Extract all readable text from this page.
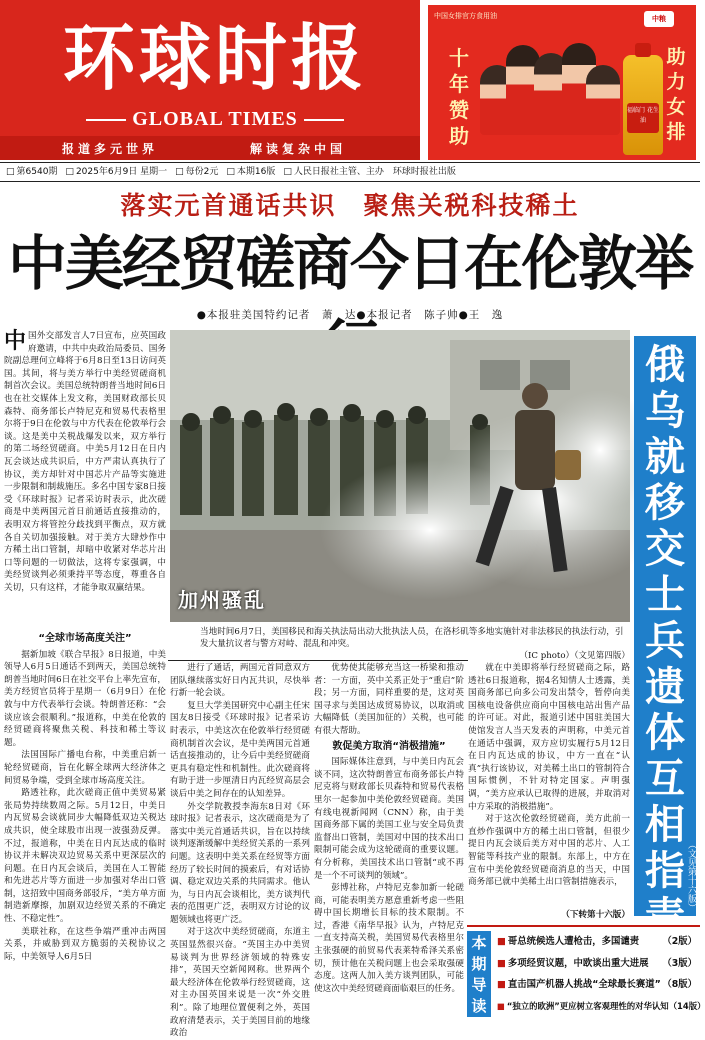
环球时报
GLOBAL TIMES
报道多元世界	解读复杂中国
中国女排官方食用油	中粮
十年赞助
福临门 花生油
助力女排
□ 第6540期	□ 2025年6月9日 星期一	□ 每份2元	□ 本期16版	□ 人民日报社主管、主办　环球时报社出版
落实元首通话共识　聚焦关税科技稀土
中美经贸磋商今日在伦敦举
●本报驻美国特约记者　萧　达●本报记者　陈子帅●王　逸
中 国外交部发言人7日宣布，应英国政府邀请，中共中央政治局委员、国务院副总理何立峰将于6月8日至13日访问英国。其间，将与美方举行中美经贸磋商机制首次会议。美国总统特朗普当地时间6日也在社交媒体上发文称，美国财政部长贝森特、商务部长卢特尼克和贸易代表格里尔将于9日在伦敦与中方代表在伦敦举行会谈。这是美中关税战爆发以来，双方举行的第二场经贸磋商。中美5月12日在日内瓦会谈达成共识后，中方严肃认真执行了协议，美方却针对中国芯片产品等实施进一步限制和制裁施压。多名中国专家8日接受《环球时报》记者采访时表示，此次磋商是中美两国元首日前通话直接推动的，表明双方将管控分歧找到平衡点，双方就各自关切加强接触。对于美方大肆炒作中方稀土出口管制，却暗中收紧对华芯片出口等问题的一切做法，这将专家强调，中美经贸谈判必须秉持平等态度，尊重各自关切，只有这样，才能争取双赢结果。
加州骚乱
当地时间6月7日，美国移民和海关执法局出动大批执法人员，在洛杉矶等多地实施针对非法移民的执法行动，引发大量抗议者与警方对峙、混乱和冲突。
（IC photo）（文见第四版）
俄乌就移交士兵遗体互相指责
（文见第十六版）
“全球市场高度关注”

据新加坡《联合早报》8日报道，中美领导人6月5日通话不到两天，美国总统特朗普当地时间6日在社交平台上率先宣布，美方经贸官员将于星期一（6月9日）在伦敦与中方代表举行会谈。特朗普还称：“会谈应该会很顺利。”报道称，中美在伦敦的经贸磋商将聚焦关税、科技和稀土等议题。

法国国际广播电台称，中美重启新一轮经贸磋商，旨在化解全球两大经济体之间贸易争端，受到全球市场高度关注。

路透社称，此次磋商正值中美贸易紧张局势持续数周之际。5月12日，中美日内瓦贸易会谈就同步大幅降低双边关税达成共识，使全球股市出现一波强劲反弹。不过，报道称，中美在日内瓦达成的临时协议并未解决双边贸易关系中更深层次的问题。在日内瓦会谈后，美国在人工智能和先进芯片等方面进一步加强对华出口管制，这招致中国商务部驳斥，“美方单方面制造新摩擦，加剧双边经贸关系的不确定性、不稳定性”。

美联社称，在这些争端严重冲击两国关系，并威胁到双方脆弱的关税协议之际，中美领导人6月5日

进行了通话，两国元首同意双方团队继续落实好日内瓦共识，尽快举行新一轮会谈。

复旦大学美国研究中心副主任宋国友8日接受《环球时报》记者采访时表示，中美这次在伦敦举行经贸磋商机制首次会议，是中美两国元首通话直接推动的，让今后中美经贸磋商更具有稳定性和机制性。此次磋商将有助于进一步厘清日内瓦经贸高层会谈后中美之间存在的认知差异。

外交学院教授李海东8日对《环球时报》记者表示，这次磋商是为了落实中美元首通话共识，旨在以持续谈判逐渐缓解中美经贸关系的一系列问题。这表明中美关系在经贸等方面经历了较长时间的摸索后，有对话协调、稳定双边关系的共同需求。他认为，与日内瓦会谈相比，美方谈判代表的范围更广泛，表明双方讨论的议题领域也将更广泛。

对于这次中美经贸磋商，东道主英国显然很兴奋。“英国主办中美贸易谈判为世界经济领域的特殊安排”，英国天空新闻网称。世界两个最大经济体在伦敦举行经贸磋商，这对主办国英国来说是一次“外交胜利”。除了地理位置便利之外，英国政府清楚表示，关于美国目前的地缘政治

优势使其能够充当这一桥梁和推动者：一方面，英中关系正处于“重启”阶段；另一方面，同样重要的是，这对英国寻求与美国达成贸易协议，以取消或大幅降低（美国加征的）关税，也可能有很大帮助。

敦促美方取消“消极措施”

国际媒体注意到，与中美日内瓦会谈不同，这次特朗普宣布商务部长卢特尼克将与财政部长贝森特和贸易代表格里尔一起参加中美伦敦经贸磋商。美国有线电视新闻网（CNN）称，由于美国商务部下属的美国工业与安全局负责监督出口管制，美国对中国的技术出口限制可能会成为这轮磋商的重要议题。有分析称，美国技术出口管制“或不再是一个不可谈判的领域”。

彭博社称，卢特尼克参加新一轮磋商，可能表明美方愿意重新考虑一些阻碍中国长期增长目标的技术限制。不过，香港《南华早报》认为，卢特尼克一直支持高关税，美国贸易代表格里尔主张强硬的前贸易代表莱特希泽关系密切，预计他在关税问题上也会采取强硬态度。这两人加入美方谈判团队，可能使这次中美经贸磋商面临艰巨的任务。

就在中美即将举行经贸磋商之际，路透社6日报道称，据4名知情人士透露，美国商务部已向多公司发出禁令，暂停向美国核电设备供应商向中国核电站出售产品的许可证。对此，报道引述中国驻美国大使馆发言人当天发表的声明称，中美元首在通话中强调，双方应切实履行5月12日在日内瓦达成的协议，中方一直在“认真”执行该协议，对美稀土出口的管制符合国际惯例，不针对特定国家。声明强调，“美方应承认已取得的进展，并取消对中方采取的消极措施”。

对于这次伦敦经贸磋商，美方此前一直炒作强调中方的稀土出口管制，但很少提日内瓦会谈后美方对中国的芯片、人工智能等科技产业的限制。东部上，中方在宣布中美伦敦经贸磋商消息的当天，中国商务部已就中美稀土出口管制措施表示，

（下转第十六版）
本期导读
■ 哥总统候选人遭枪击，多国谴责 （2版）
■ 多项经贸议题，中欧谈出重大进展 （3版）
■ 直击国产机器人挑战“全球最长赛道” （8版）
■ “独立的欧洲”更应树立客观理性的对华认知 （14版）
